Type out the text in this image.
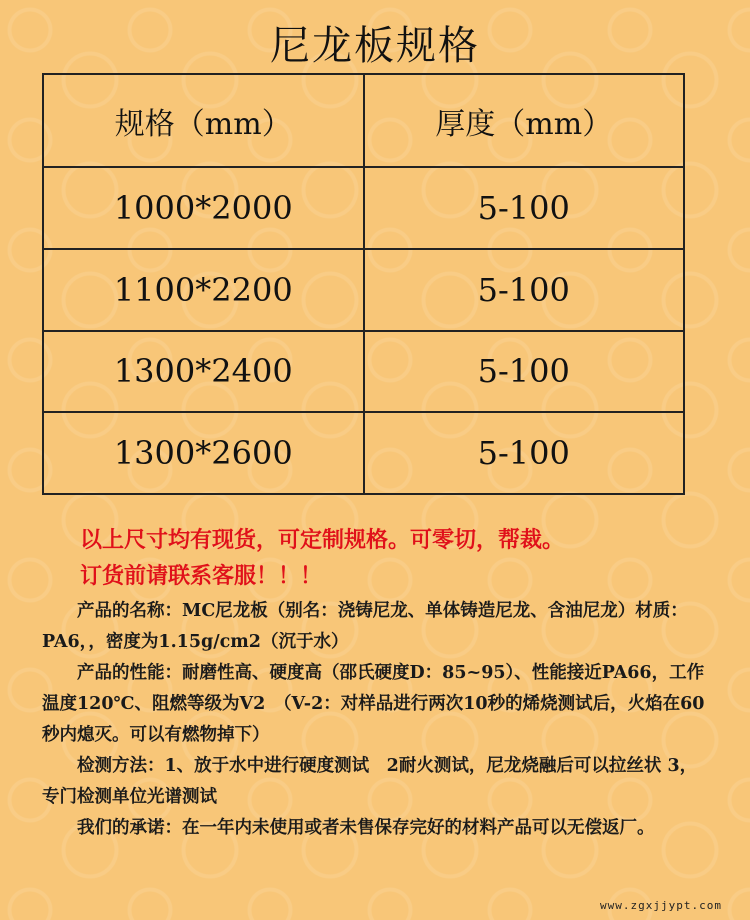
尼龙板规格
规格（mm）	厚度（mm）
1000*2000	5-100
1100*2200	5-100
1300*2400	5-100
1300*2600	5-100
以上尺寸均有现货，可定制规格。可零切，帮裁。
订货前请联系客服！！！

产品的名称：MC尼龙板（别名：浇铸尼龙、单体铸造尼龙、含油尼龙）材质：PA6，，密度为1.15g/cm2（沉于水）

产品的性能：耐磨性高、硬度高（邵氏硬度D：85~95）、性能接近PA66，工作温度120℃、阻燃等级为V2　（V-2：对样品进行两次10秒的烯烧测试后，火焰在60秒内熄灭。可以有燃物掉下）

检测方法：1、放于水中进行硬度测试　2耐火测试，尼龙烧融后可以拉丝状 3，专门检测单位光谱测试

我们的承诺：在一年内未使用或者未售保存完好的材料产品可以无偿返厂。

www.zgxjjypt.com
